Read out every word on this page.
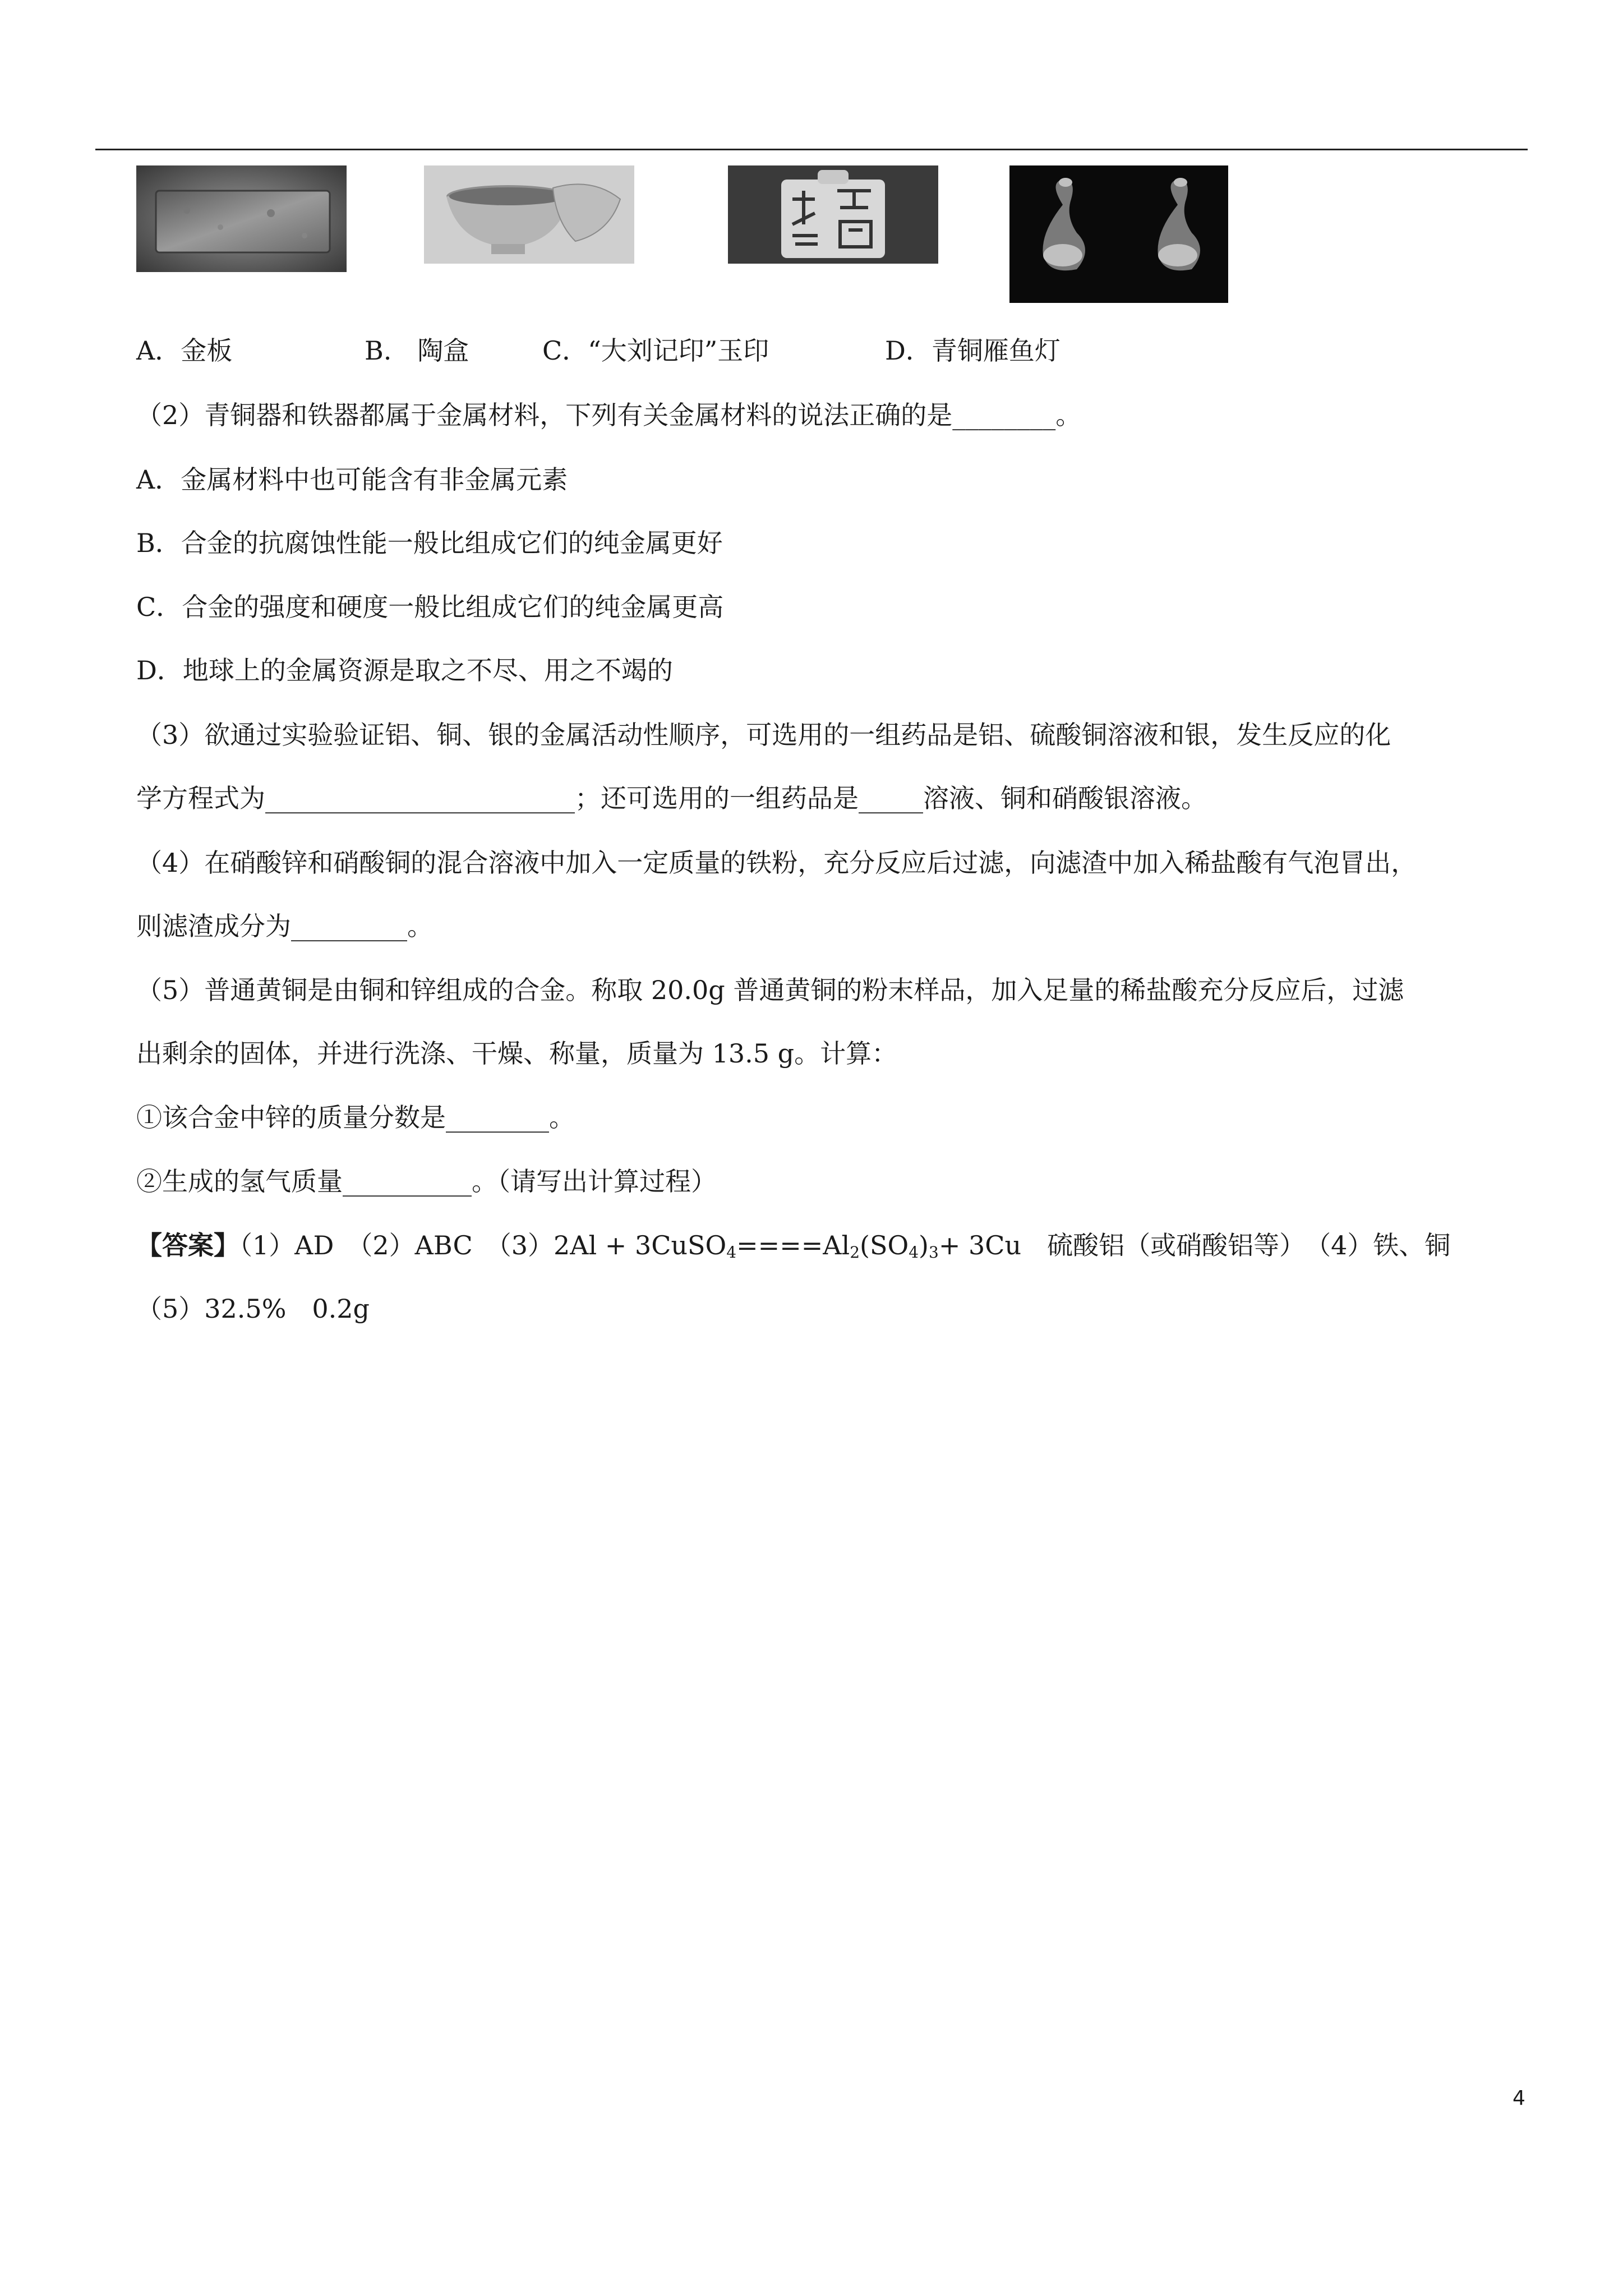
A．金板	B.　陶盒	C．“大刘记印”玉印	D．青铜雁鱼灯
（2）青铜器和铁器都属于金属材料，下列有关金属材料的说法正确的是________。
A．金属材料中也可能含有非金属元素
B．合金的抗腐蚀性能一般比组成它们的纯金属更好
C．合金的强度和硬度一般比组成它们的纯金属更高
D．地球上的金属资源是取之不尽、用之不竭的
（3）欲通过实验验证铝、铜、银的金属活动性顺序，可选用的一组药品是铝、硫酸铜溶液和银，发生反应的化
学方程式为________________________；还可选用的一组药品是_____溶液、铜和硝酸银溶液。
（4）在硝酸锌和硝酸铜的混合溶液中加入一定质量的铁粉，充分反应后过滤，向滤渣中加入稀盐酸有气泡冒出，
则滤渣成分为_________。
（5）普通黄铜是由铜和锌组成的合金。称取 20.0g 普通黄铜的粉末样品，加入足量的稀盐酸充分反应后，过滤
出剩余的固体，并进行洗涤、干燥、称量，质量为 13.5 g。计算：
①该合金中锌的质量分数是________。
②生成的氢气质量__________。（请写出计算过程）
【答案】（1）AD　（2）ABC　$(3)2Al + 3CuSO_4====Al_2(SO_4)_3+ 3Cu$　硫酸铝（或硝酸铝等）　（4）铁、铜
（5）32.5%　0.2g
4
